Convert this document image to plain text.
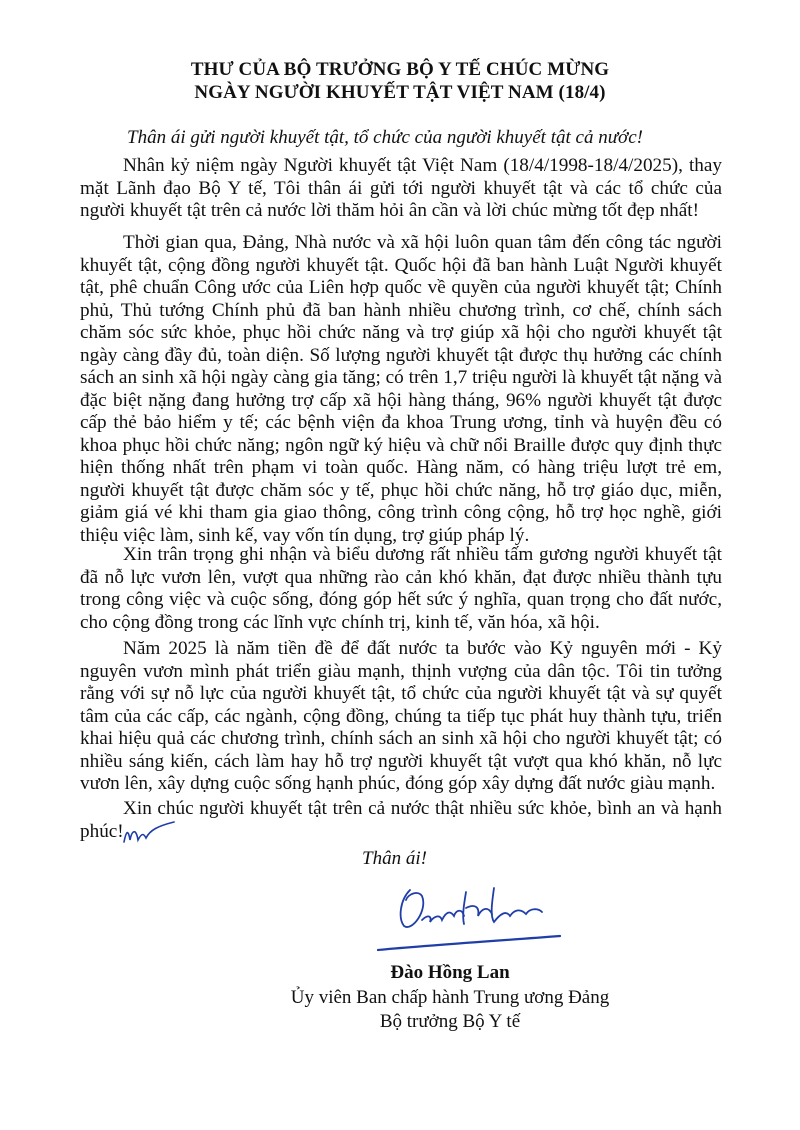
THƯ CỦA BỘ TRƯỞNG BỘ Y TẾ CHÚC MỪNG
NGÀY NGƯỜI KHUYẾT TẬT VIỆT NAM (18/4)
Thân ái gửi người khuyết tật, tổ chức của người khuyết tật cả nước!

Nhân kỷ niệm ngày Người khuyết tật Việt Nam (18/4/1998-18/4/2025), thay mặt Lãnh đạo Bộ Y tế, Tôi thân ái gửi tới người khuyết tật và các tổ chức của người khuyết tật trên cả nước lời thăm hỏi ân cần và lời chúc mừng tốt đẹp nhất!

Thời gian qua, Đảng, Nhà nước và xã hội luôn quan tâm đến công tác người khuyết tật, cộng đồng người khuyết tật. Quốc hội đã ban hành Luật Người khuyết tật, phê chuẩn Công ước của Liên hợp quốc về quyền của người khuyết tật; Chính phủ, Thủ tướng Chính phủ đã ban hành nhiều chương trình, cơ chế, chính sách chăm sóc sức khỏe, phục hồi chức năng và trợ giúp xã hội cho người khuyết tật ngày càng đầy đủ, toàn diện. Số lượng người khuyết tật được thụ hưởng các chính sách an sinh xã hội ngày càng gia tăng; có trên 1,7 triệu người là khuyết tật nặng và đặc biệt nặng đang hưởng trợ cấp xã hội hàng tháng, 96% người khuyết tật được cấp thẻ bảo hiểm y tế; các bệnh viện đa khoa Trung ương, tỉnh và huyện đều có khoa phục hồi chức năng; ngôn ngữ ký hiệu và chữ nổi Braille được quy định thực hiện thống nhất trên phạm vi toàn quốc. Hàng năm, có hàng triệu lượt trẻ em, người khuyết tật được chăm sóc y tế, phục hồi chức năng, hỗ trợ giáo dục, miễn, giảm giá vé khi tham gia giao thông, công trình công cộng, hỗ trợ học nghề, giới thiệu việc làm, sinh kế, vay vốn tín dụng, trợ giúp pháp lý.

Xin trân trọng ghi nhận và biểu dương rất nhiều tấm gương người khuyết tật đã nỗ lực vươn lên, vượt qua những rào cản khó khăn, đạt được nhiều thành tựu trong công việc và cuộc sống, đóng góp hết sức ý nghĩa, quan trọng cho đất nước, cho cộng đồng trong các lĩnh vực chính trị, kinh tế, văn hóa, xã hội.

Năm 2025 là năm tiền đề để đất nước ta bước vào Kỷ nguyên mới - Kỷ nguyên vươn mình phát triển giàu mạnh, thịnh vượng của dân tộc. Tôi tin tưởng rằng với sự nỗ lực của người khuyết tật, tổ chức của người khuyết tật và sự quyết tâm của các cấp, các ngành, cộng đồng, chúng ta tiếp tục phát huy thành tựu, triển khai hiệu quả các chương trình, chính sách an sinh xã hội cho người khuyết tật; có nhiều sáng kiến, cách làm hay hỗ trợ người khuyết tật vượt qua khó khăn, nỗ lực vươn lên, xây dựng cuộc sống hạnh phúc, đóng góp xây dựng đất nước giàu mạnh.

Xin chúc người khuyết tật trên cả nước thật nhiều sức khỏe, bình an và hạnh phúc!

Thân ái!
Đào Hồng Lan
Ủy viên Ban chấp hành Trung ương Đảng
Bộ trưởng Bộ Y tế
